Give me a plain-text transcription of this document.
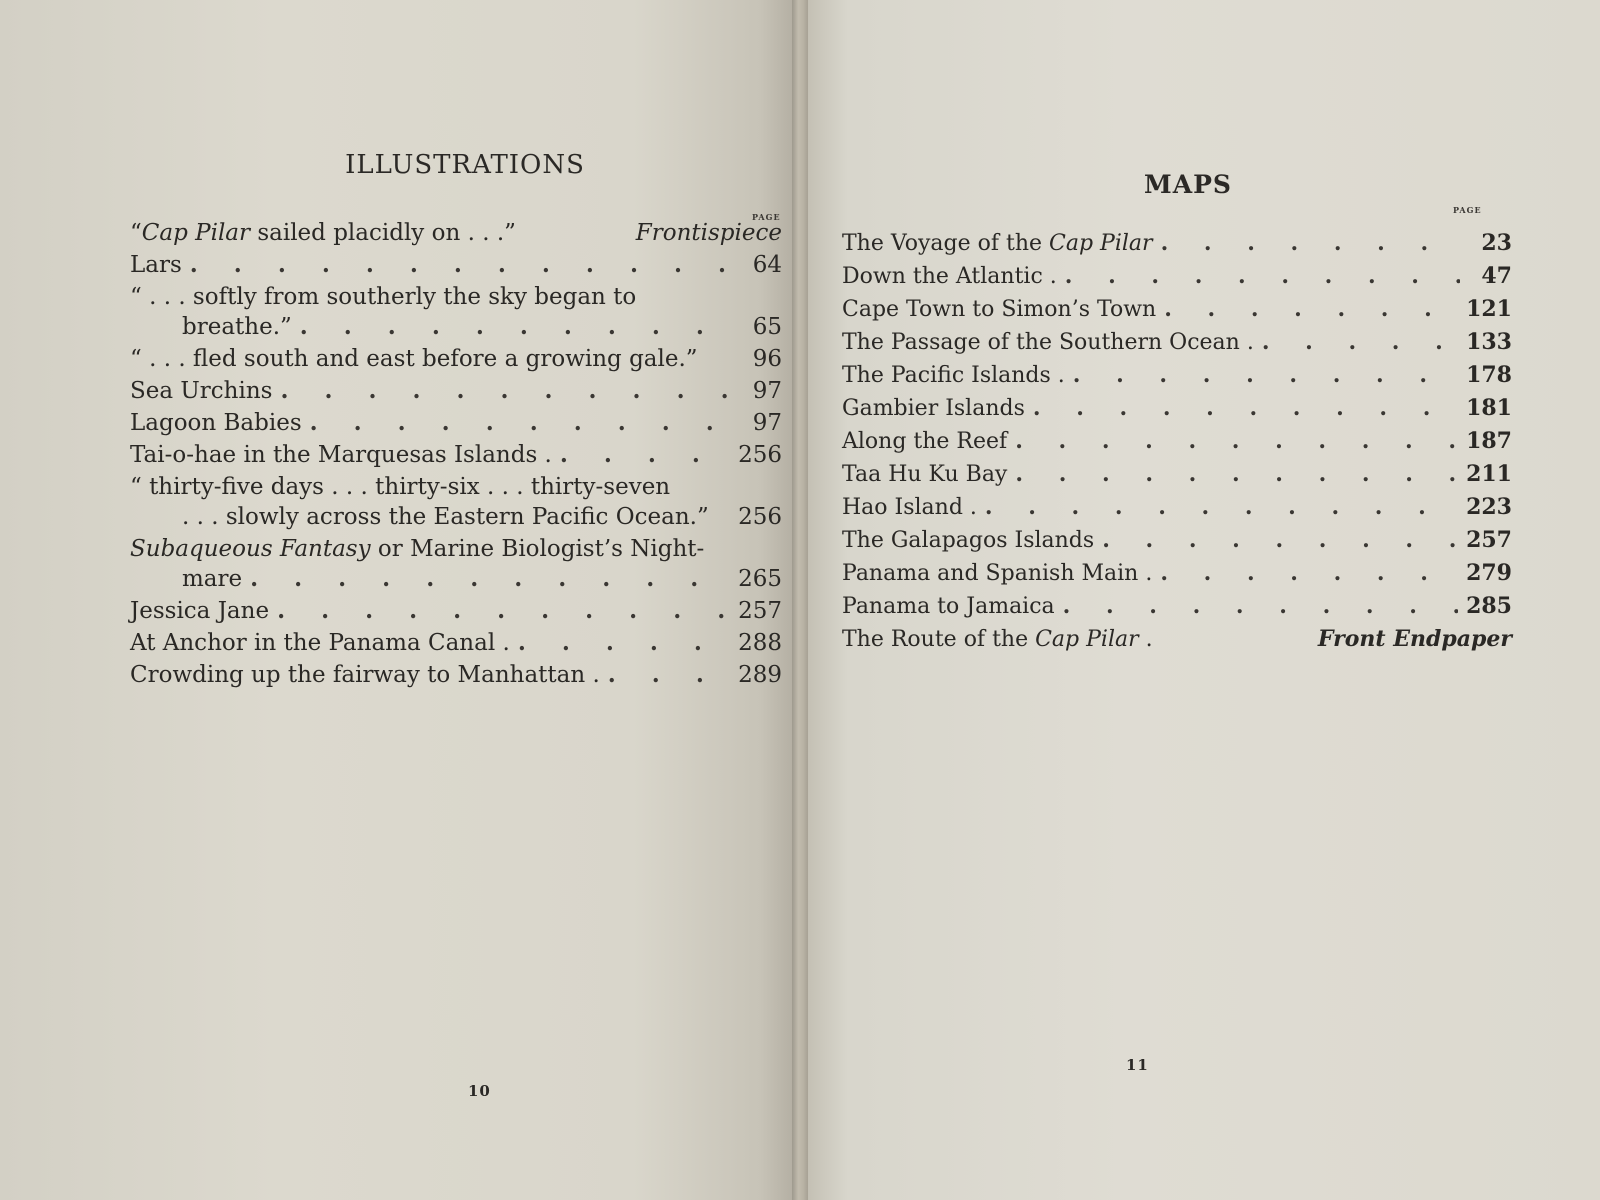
ILLUSTRATIONS
PAGE
“Cap Pilar sailed placidly on . . .”	Frontispiece
Lars . . .	64
“ . . . softly from southerly the sky began to
breathe.” . . .	65
“ . . . fled south and east before a growing gale.” 96
Sea Urchins . . .	97
Lagoon Babies . . .	97
Tai-o-hae in the Marquesas Islands . . . .	256
“ thirty-five days . . . thirty-six . . . thirty-seven
. . . slowly across the Eastern Pacific Ocean.” 256
Subaqueous Fantasy or Marine Biologist’s Night-
mare . . .	265
Jessica Jane . . .	257
At Anchor in the Panama Canal . . . .	288
Crowding up the fairway to Manhattan . . . .	289
10
MAPS
PAGE
The Voyage of the Cap Pilar . . .	23
Down the Atlantic . . . .	47
Cape Town to Simon’s Town . . .	121
The Passage of the Southern Ocean . . . .	133
The Pacific Islands . . . .	178
Gambier Islands . . .	181
Along the Reef . . .	187
Taa Hu Ku Bay . . .	211
Hao Island . . . .	223
The Galapagos Islands . . .	257
Panama and Spanish Main . . . .	279
Panama to Jamaica . . .	285
The Route of the Cap Pilar .	Front Endpaper
11
